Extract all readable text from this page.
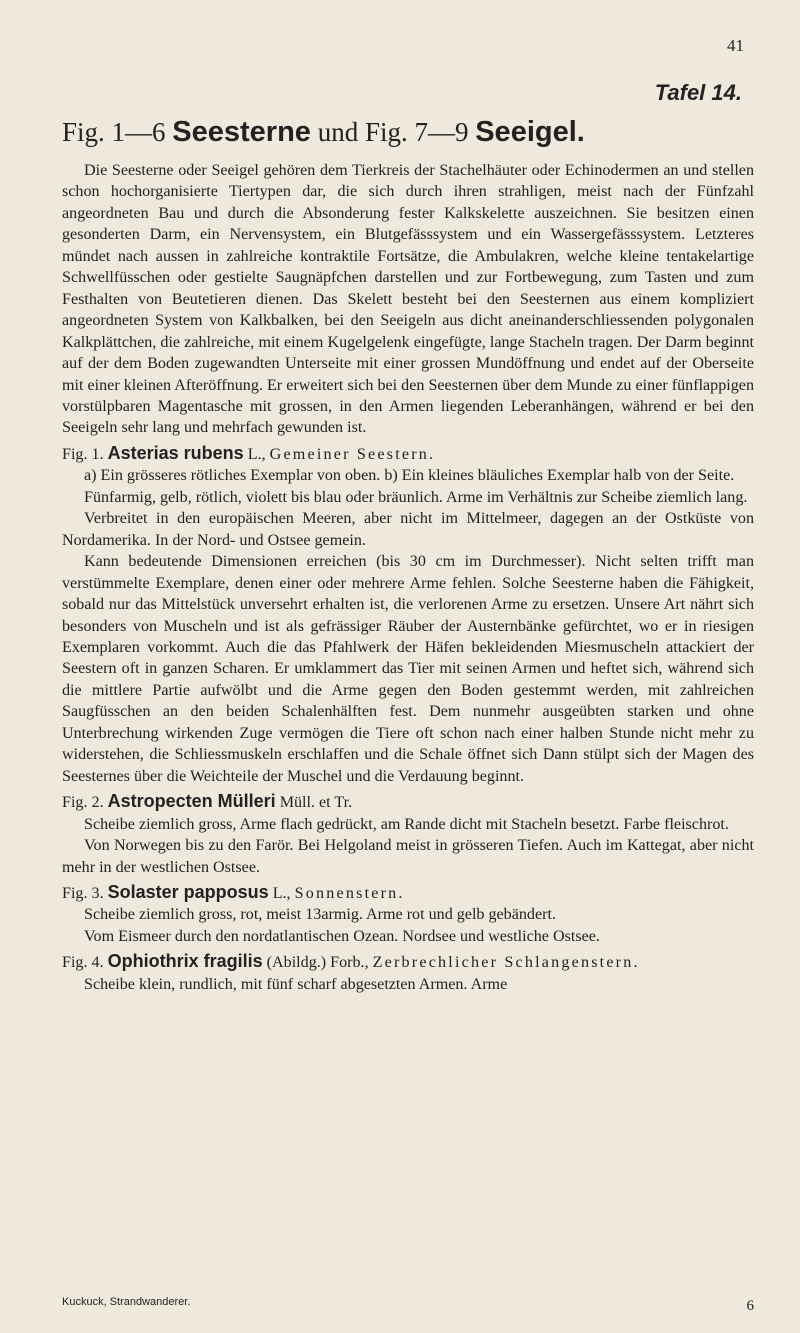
41
Tafel 14.
Fig. 1—6 Seesterne und Fig. 7—9 Seeigel.

Die Seesterne oder Seeigel gehören dem Tierkreis der Stachelhäuter oder Echinodermen an und stellen schon hochorganisierte Tiertypen dar, die sich durch ihren strahligen, meist nach der Fünfzahl angeordneten Bau und durch die Absonderung fester Kalkskelette auszeichnen. Sie besitzen einen gesonderten Darm, ein Nervensystem, ein Blutgefässsystem und ein Wassergefässsystem. Letzteres mündet nach aussen in zahlreiche kontraktile Fortsätze, die Ambulakren, welche kleine tentakelartige Schwellfüsschen oder gestielte Saugnäpfchen darstellen und zur Fortbewegung, zum Tasten und zum Festhalten von Beutetieren dienen. Das Skelett besteht bei den Seesternen aus einem kompliziert angeordneten System von Kalkbalken, bei den Seeigeln aus dicht aneinanderschliessenden polygonalen Kalkplättchen, die zahlreiche, mit einem Kugelgelenk eingefügte, lange Stacheln tragen. Der Darm beginnt auf der dem Boden zugewandten Unterseite mit einer grossen Mundöffnung und endet auf der Oberseite mit einer kleinen Afteröffnung. Er erweitert sich bei den Seesternen über dem Munde zu einer fünflappigen vorstülpbaren Magentasche mit grossen, in den Armen liegenden Leberanhängen, während er bei den Seeigeln sehr lang und mehrfach gewunden ist.

Fig. 1. Asterias rubens L., Gemeiner Seestern.

a) Ein grösseres rötliches Exemplar von oben. b) Ein kleines bläuliches Exemplar halb von der Seite.

Fünfarmig, gelb, rötlich, violett bis blau oder bräunlich. Arme im Verhältnis zur Scheibe ziemlich lang.

Verbreitet in den europäischen Meeren, aber nicht im Mittelmeer, dagegen an der Ostküste von Nordamerika. In der Nord- und Ostsee gemein.

Kann bedeutende Dimensionen erreichen (bis 30 cm im Durchmesser). Nicht selten trifft man verstümmelte Exemplare, denen einer oder mehrere Arme fehlen. Solche Seesterne haben die Fähigkeit, sobald nur das Mittelstück unversehrt erhalten ist, die verlorenen Arme zu ersetzen. Unsere Art nährt sich besonders von Muscheln und ist als gefrässiger Räuber der Austernbänke gefürchtet, wo er in riesigen Exemplaren vorkommt. Auch die das Pfahlwerk der Häfen bekleidenden Miesmuscheln attackiert der Seestern oft in ganzen Scharen. Er umklammert das Tier mit seinen Armen und heftet sich, während sich die mittlere Partie aufwölbt und die Arme gegen den Boden gestemmt werden, mit zahlreichen Saugfüsschen an den beiden Schalenhälften fest. Dem nunmehr ausgeübten starken und ohne Unterbrechung wirkenden Zuge vermögen die Tiere oft schon nach einer halben Stunde nicht mehr zu widerstehen, die Schliessmuskeln erschlaffen und die Schale öffnet sich Dann stülpt sich der Magen des Seesternes über die Weichteile der Muschel und die Verdauung beginnt.

Fig. 2. Astropecten Mülleri Müll. et Tr.

Scheibe ziemlich gross, Arme flach gedrückt, am Rande dicht mit Stacheln besetzt. Farbe fleischrot.

Von Norwegen bis zu den Farör. Bei Helgoland meist in grösseren Tiefen. Auch im Kattegat, aber nicht mehr in der westlichen Ostsee.

Fig. 3. Solaster papposus L., Sonnenstern.

Scheibe ziemlich gross, rot, meist 13armig. Arme rot und gelb gebändert.

Vom Eismeer durch den nordatlantischen Ozean. Nordsee und westliche Ostsee.

Fig. 4. Ophiothrix fragilis (Abildg.) Forb., Zerbrechlicher Schlangenstern.

Scheibe klein, rundlich, mit fünf scharf abgesetzten Armen. Arme

Kuckuck, Strandwanderer.	6
